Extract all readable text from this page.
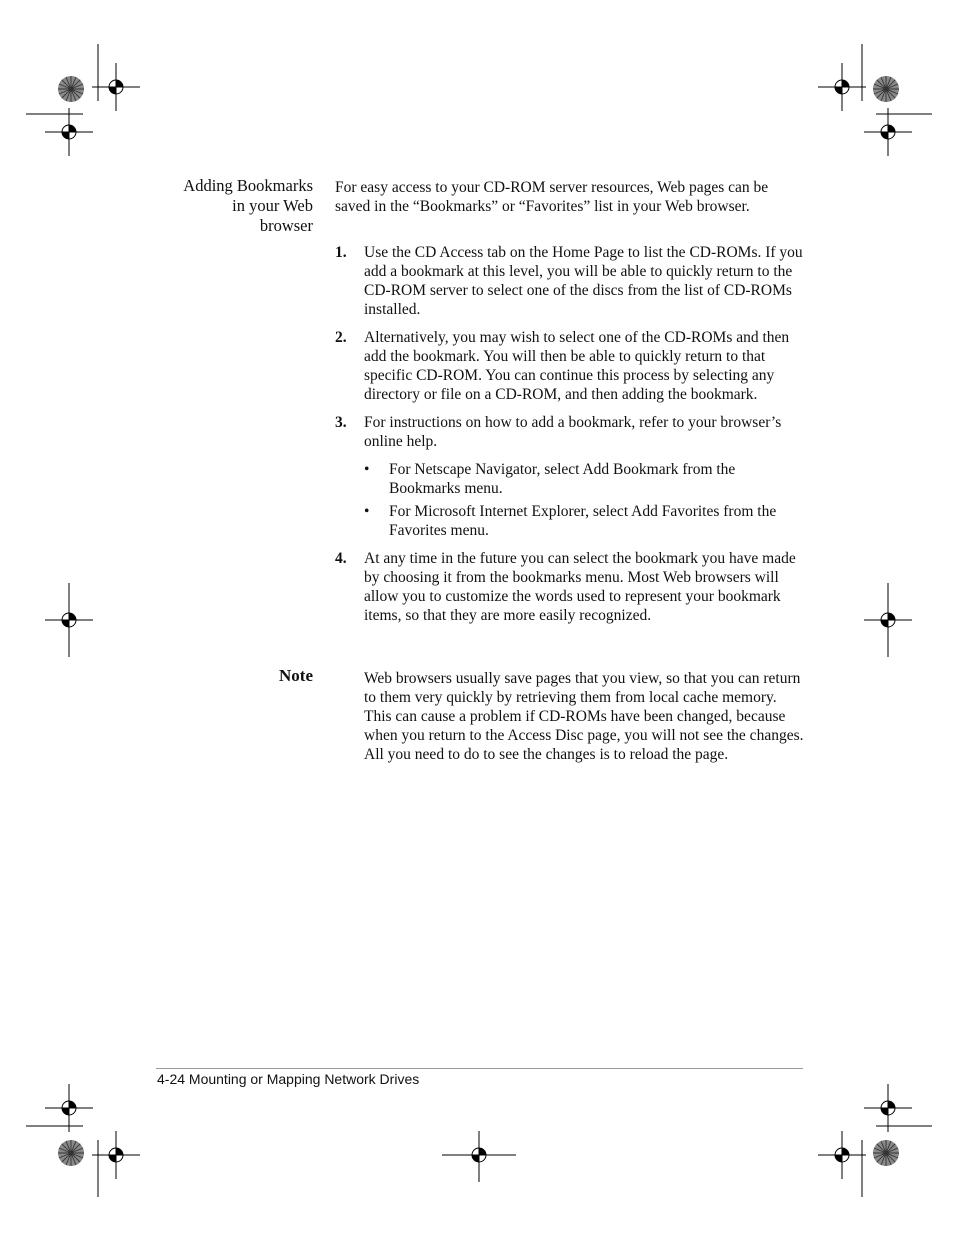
Adding Bookmarks
in your Web
browser
For easy access to your CD-ROM server resources, Web pages can be saved in the “Bookmarks” or “Favorites” list in your Web browser.
1. Use the CD Access tab on the Home Page to list the CD-ROMs. If you add a bookmark at this level, you will be able to quickly return to the CD-ROM server to select one of the discs from the list of CD-ROMs installed.
2. Alternatively, you may wish to select one of the CD-ROMs and then add the bookmark. You will then be able to quickly return to that specific CD-ROM. You can continue this process by selecting any directory or file on a CD-ROM, and then adding the bookmark.
3. For instructions on how to add a bookmark, refer to your browser’s online help.
• For Netscape Navigator, select Add Bookmark from the Bookmarks menu.
• For Microsoft Internet Explorer, select Add Favorites from the Favorites menu.
4. At any time in the future you can select the bookmark you have made by choosing it from the bookmarks menu. Most Web browsers will allow you to customize the words used to represent your bookmark items, so that they are more easily recognized.
Note	Web browsers usually save pages that you view, so that you can return to them very quickly by retrieving them from local cache memory. This can cause a problem if CD-ROMs have been changed, because when you return to the Access Disc page, you will not see the changes. All you need to do to see the changes is to reload the page.
4-24 Mounting or Mapping Network Drives
